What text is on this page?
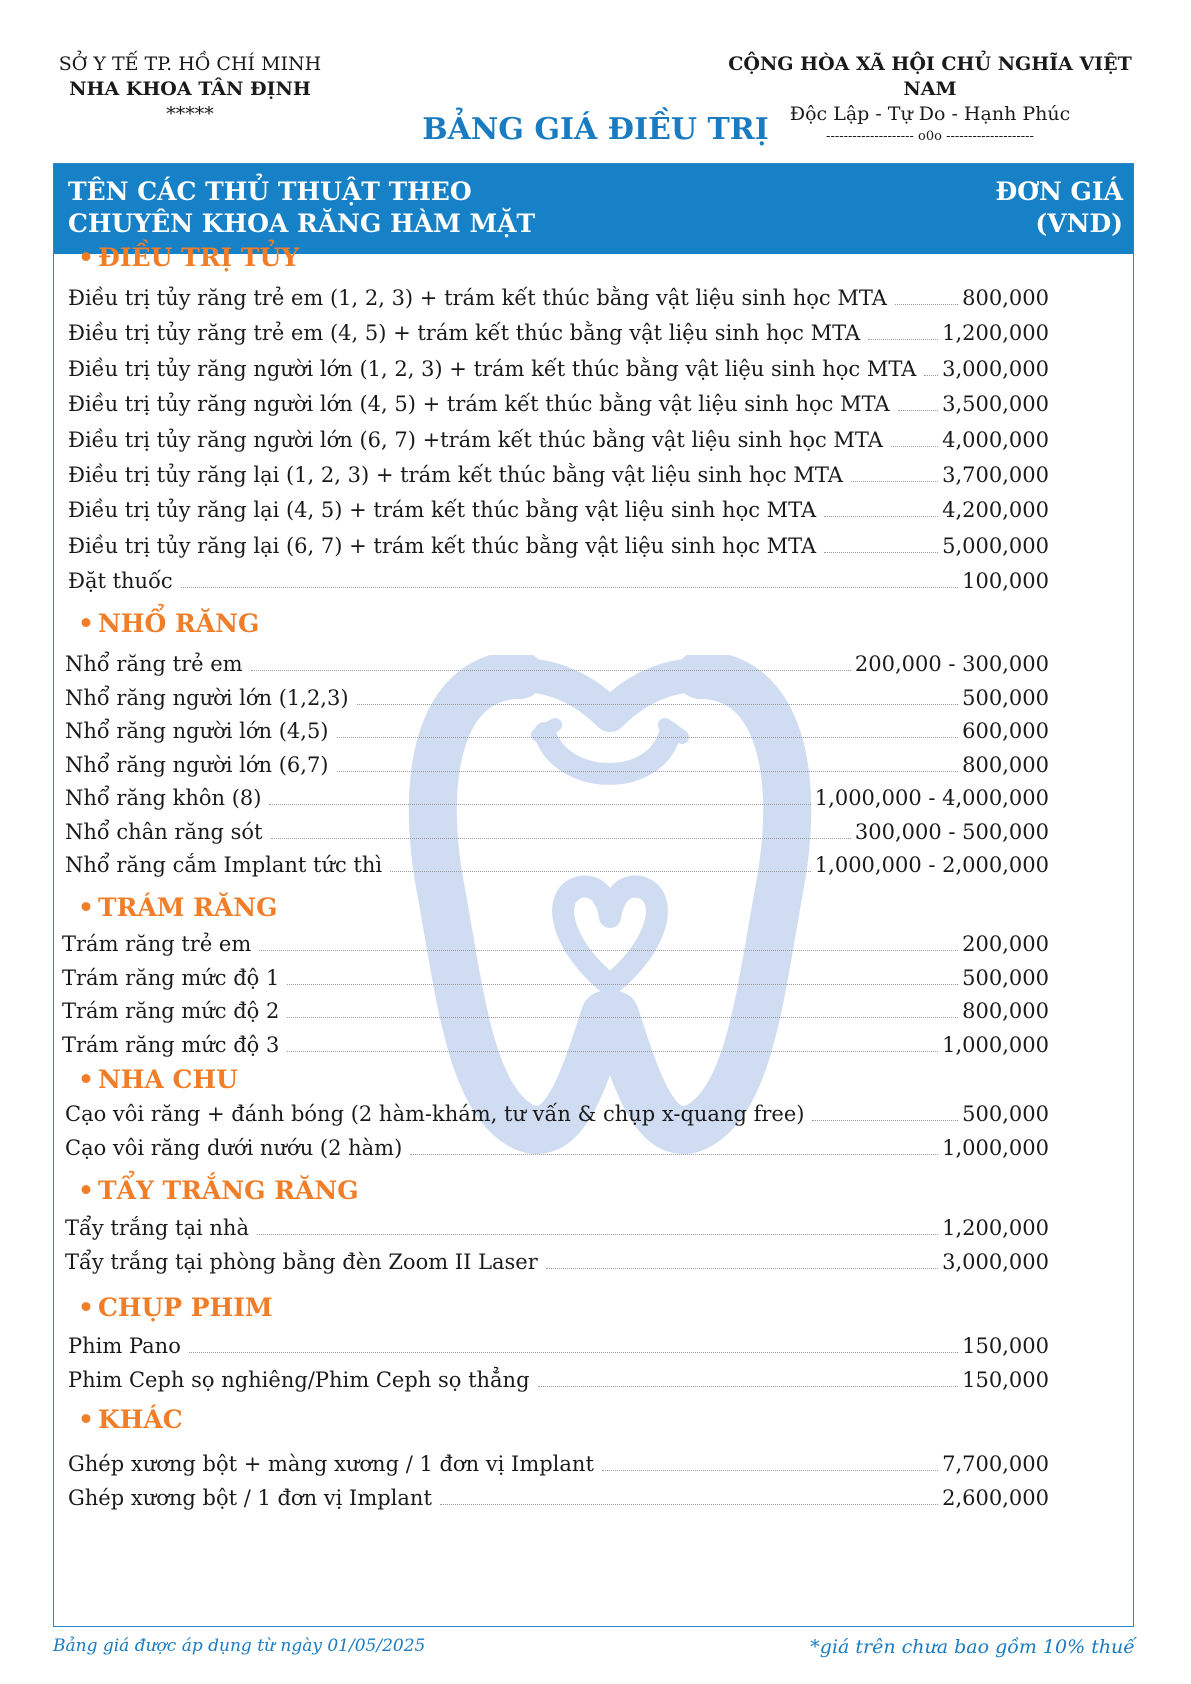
SỞ Y TẾ TP. HỒ CHÍ MINH
NHA KHOA TÂN ĐỊNH
*****
CỘNG HÒA XÃ HỘI CHỦ NGHĨA VIỆT NAM
Độc Lập - Tự Do - Hạnh Phúc
-------------------- o0o --------------------
BẢNG GIÁ ĐIỀU TRỊ
TÊN CÁC THỦ THUẬT THEO
CHUYÊN KHOA RĂNG HÀM MẶT
ĐƠN GIÁ
(VND)
• ĐIỀU TRỊ TỦY
Điều trị tủy răng trẻ em (1, 2, 3) + trám kết thúc bằng vật liệu sinh học MTA	800,000
Điều trị tủy răng trẻ em (4, 5) + trám kết thúc bằng vật liệu sinh học MTA	1,200,000
Điều trị tủy răng người lớn (1, 2, 3) + trám kết thúc bằng vật liệu sinh học MTA 3,000,000
Điều trị tủy răng người lớn (4, 5) + trám kết thúc bằng vật liệu sinh học MTA 3,500,000
Điều trị tủy răng người lớn (6, 7) +trám kết thúc bằng vật liệu sinh học MTA	4,000,000
Điều trị tủy răng lại (1, 2, 3) + trám kết thúc bằng vật liệu sinh học MTA	3,700,000
Điều trị tủy răng lại (4, 5) + trám kết thúc bằng vật liệu sinh học MTA	4,200,000
Điều trị tủy răng lại (6, 7) + trám kết thúc bằng vật liệu sinh học MTA	5,000,000
Đặt thuốc	100,000
• NHỔ RĂNG
Nhổ răng trẻ em	200,000 - 300,000
Nhổ răng người lớn (1,2,3)	500,000
Nhổ răng người lớn (4,5)	600,000
Nhổ răng người lớn (6,7)	800,000
Nhổ răng khôn (8)	1,000,000 - 4,000,000
Nhổ chân răng sót	300,000 - 500,000
Nhổ răng cắm Implant tức thì	1,000,000 - 2,000,000
• TRÁM RĂNG
Trám răng trẻ em	200,000
Trám răng mức độ 1	500,000
Trám răng mức độ 2	800,000
Trám răng mức độ 3	1,000,000
• NHA CHU
Cạo vôi răng + đánh bóng (2 hàm-khám, tư vấn & chụp x-quang free)	500,000
Cạo vôi răng dưới nướu (2 hàm)	1,000,000
• TẨY TRẮNG RĂNG
Tẩy trắng tại nhà	1,200,000
Tẩy trắng tại phòng bằng đèn Zoom II Laser	3,000,000
• CHỤP PHIM
Phim Pano	150,000
Phim Ceph sọ nghiêng/Phim Ceph sọ thẳng	150,000
• KHÁC
Ghép xương bột + màng xương / 1 đơn vị Implant	7,700,000
Ghép xương bột / 1 đơn vị Implant	2,600,000
Bảng giá được áp dụng từ ngày 01/05/2025	*giá trên chưa bao gồm 10% thuế
